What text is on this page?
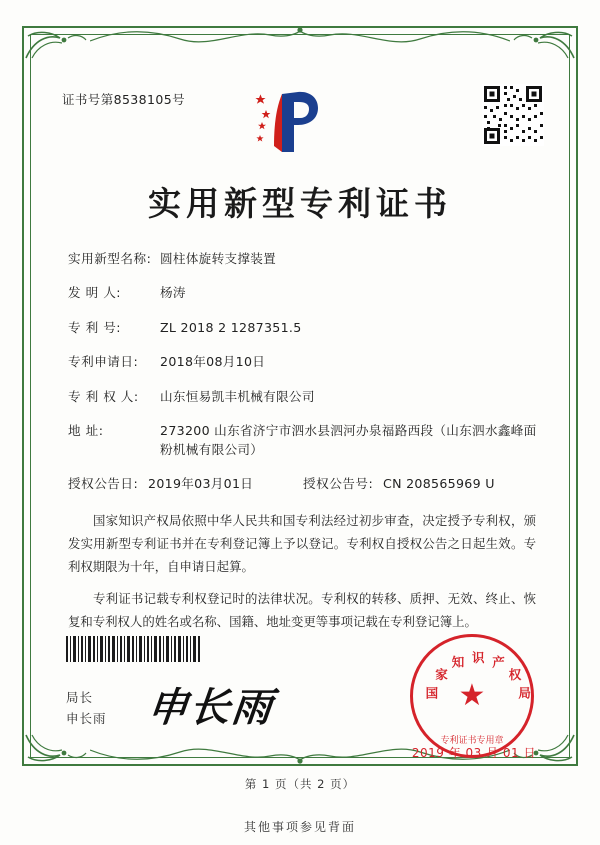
证书号第8538105号
实用新型专利证书
实用新型名称: 圆柱体旋转支撑装置
发 明 人:	杨涛
专 利 号:	ZL 2018 2 1287351.5
专利申请日:	2018年08月10日
专 利 权 人:	山东恒易凯丰机械有限公司
地 址:	273200 山东省济宁市泗水县泗河办泉福路西段（山东泗水鑫峰面粉机械有限公司）
授权公告日: 2019年03月01日	授权公告号: CN 208565969 U

国家知识产权局依照中华人民共和国专利法经过初步审查，决定授予专利权，颁发实用新型专利证书并在专利登记簿上予以登记。专利权自授权公告之日起生效。专利权期限为十年，自申请日起算。

专利证书记载专利权登记时的法律状况。专利权的转移、质押、无效、终止、恢复和专利权人的姓名或名称、国籍、地址变更等事项记载在专利登记簿上。

局长
申长雨 申长雨	★
国
家
知 识 产
权
局
专利证书专用章
2019 年 03 月 01 日
第 1 页（共 2 页）
其他事项参见背面
